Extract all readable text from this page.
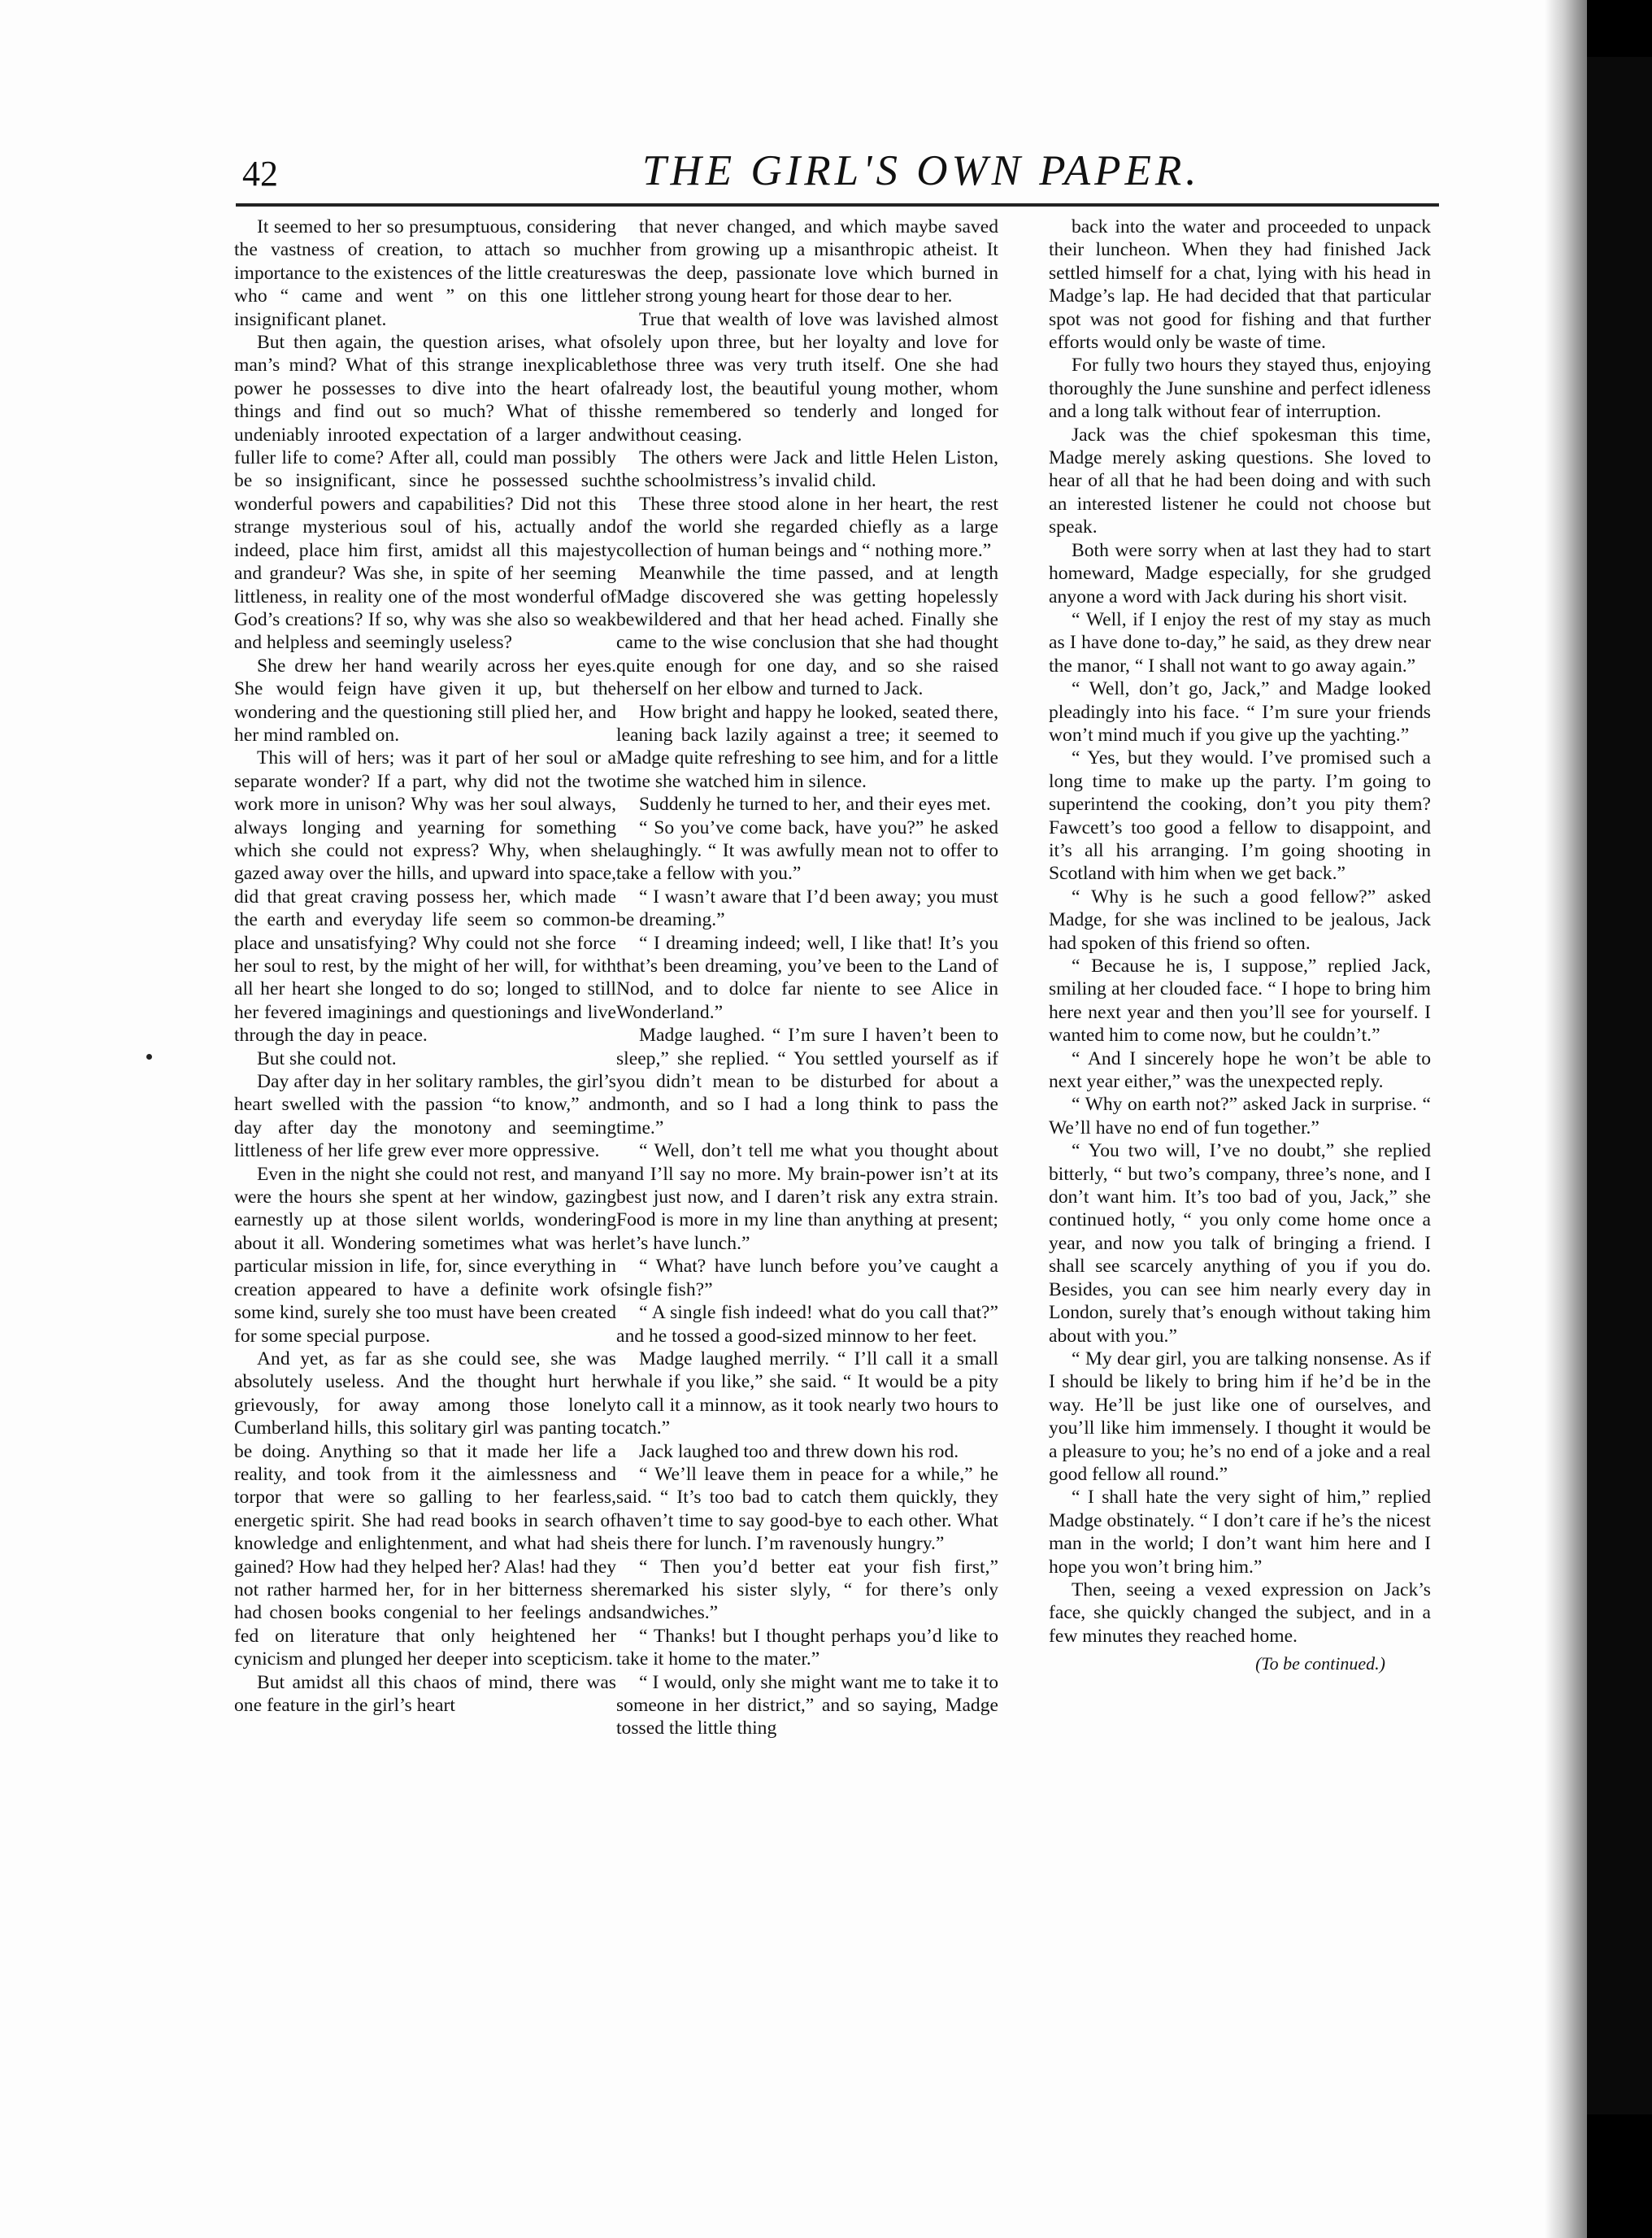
42	THE GIRL'S OWN PAPER.

It seemed to her so presumptuous, considering the vastness of creation, to attach so much importance to the existences of the little creatures who “ came and went ” on this one little insignificant planet.

But then again, the question arises, what of man’s mind? What of this strange inexplicable power he possesses to dive into the heart of things and find out so much? What of this undeniably inrooted expectation of a larger and fuller life to come? After all, could man possibly be so insignificant, since he possessed such wonderful powers and capabilities? Did not this strange mysterious soul of his, actually and indeed, place him first, amidst all this majesty and grandeur? Was she, in spite of her seeming littleness, in reality one of the most wonderful of God’s creations? If so, why was she also so weak and helpless and seemingly useless?

She drew her hand wearily across her eyes. She would feign have given it up, but the wondering and the questioning still plied her, and her mind rambled on.

This will of hers; was it part of her soul or a separate wonder? If a part, why did not the two work more in unison? Why was her soul always, always longing and yearning for something which she could not express? Why, when she gazed away over the hills, and upward into space, did that great craving possess her, which made the earth and everyday life seem so common-place and unsatisfying? Why could not she force her soul to rest, by the might of her will, for with all her heart she longed to do so; longed to still her fevered imaginings and questionings and live through the day in peace.

But she could not.

Day after day in her solitary rambles, the girl’s heart swelled with the passion “to know,” and day after day the monotony and seeming littleness of her life grew ever more oppressive.

Even in the night she could not rest, and many were the hours she spent at her window, gazing earnestly up at those silent worlds, wondering about it all. Wondering sometimes what was her particular mission in life, for, since everything in creation appeared to have a definite work of some kind, surely she too must have been created for some special purpose.

And yet, as far as she could see, she was absolutely useless. And the thought hurt her grievously, for away among those lonely Cumberland hills, this solitary girl was panting to be doing. Anything so that it made her life a reality, and took from it the aimlessness and torpor that were so galling to her fearless, energetic spirit. She had read books in search of knowledge and enlightenment, and what had she gained? How had they helped her? Alas! had they not rather harmed her, for in her bitterness she had chosen books congenial to her feelings and fed on literature that only heightened her cynicism and plunged her deeper into scepticism.

But amidst all this chaos of mind, there was one feature in the girl’s heart

that never changed, and which maybe saved her from growing up a misanthropic atheist. It was the deep, passionate love which burned in her strong young heart for those dear to her.

True that wealth of love was lavished almost solely upon three, but her loyalty and love for those three was very truth itself. One she had already lost, the beautiful young mother, whom she remembered so tenderly and longed for without ceasing.

The others were Jack and little Helen Liston, the schoolmistress’s invalid child.

These three stood alone in her heart, the rest of the world she regarded chiefly as a large collection of human beings and “ nothing more.”

Meanwhile the time passed, and at length Madge discovered she was getting hopelessly bewildered and that her head ached. Finally she came to the wise conclusion that she had thought quite enough for one day, and so she raised herself on her elbow and turned to Jack.

How bright and happy he looked, seated there, leaning back lazily against a tree; it seemed to Madge quite refreshing to see him, and for a little time she watched him in silence.

Suddenly he turned to her, and their eyes met.

“ So you’ve come back, have you?” he asked laughingly. “ It was awfully mean not to offer to take a fellow with you.”

“ I wasn’t aware that I’d been away; you must be dreaming.”

“ I dreaming indeed; well, I like that! It’s you that’s been dreaming, you’ve been to the Land of Nod, and to dolce far niente to see Alice in Wonderland.”

Madge laughed. “ I’m sure I haven’t been to sleep,” she replied. “ You settled yourself as if you didn’t mean to be disturbed for about a month, and so I had a long think to pass the time.”

“ Well, don’t tell me what you thought about and I’ll say no more. My brain-power isn’t at its best just now, and I daren’t risk any extra strain. Food is more in my line than anything at present; let’s have lunch.”

“ What? have lunch before you’ve caught a single fish?”

“ A single fish indeed! what do you call that?” and he tossed a good-sized minnow to her feet.

Madge laughed merrily. “ I’ll call it a small whale if you like,” she said. “ It would be a pity to call it a minnow, as it took nearly two hours to catch.”

Jack laughed too and threw down his rod.

“ We’ll leave them in peace for a while,” he said. “ It’s too bad to catch them quickly, they haven’t time to say good-bye to each other. What is there for lunch. I’m ravenously hungry.”

“ Then you’d better eat your fish first,” remarked his sister slyly, “ for there’s only sandwiches.”

“ Thanks! but I thought perhaps you’d like to take it home to the mater.”

“ I would, only she might want me to take it to someone in her district,” and so saying, Madge tossed the little thing

back into the water and proceeded to unpack their luncheon. When they had finished Jack settled himself for a chat, lying with his head in Madge’s lap. He had decided that that particular spot was not good for fishing and that further efforts would only be waste of time.

For fully two hours they stayed thus, enjoying thoroughly the June sunshine and perfect idleness and a long talk without fear of interruption.

Jack was the chief spokesman this time, Madge merely asking questions. She loved to hear of all that he had been doing and with such an interested listener he could not choose but speak.

Both were sorry when at last they had to start homeward, Madge especially, for she grudged anyone a word with Jack during his short visit.

“ Well, if I enjoy the rest of my stay as much as I have done to-day,” he said, as they drew near the manor, “ I shall not want to go away again.”

“ Well, don’t go, Jack,” and Madge looked pleadingly into his face. “ I’m sure your friends won’t mind much if you give up the yachting.”

“ Yes, but they would. I’ve promised such a long time to make up the party. I’m going to superintend the cooking, don’t you pity them? Fawcett’s too good a fellow to disappoint, and it’s all his arranging. I’m going shooting in Scotland with him when we get back.”

“ Why is he such a good fellow?” asked Madge, for she was inclined to be jealous, Jack had spoken of this friend so often.

“ Because he is, I suppose,” replied Jack, smiling at her clouded face. “ I hope to bring him here next year and then you’ll see for yourself. I wanted him to come now, but he couldn’t.”

“ And I sincerely hope he won’t be able to next year either,” was the unexpected reply.

“ Why on earth not?” asked Jack in surprise. “ We’ll have no end of fun together.”

“ You two will, I’ve no doubt,” she replied bitterly, “ but two’s company, three’s none, and I don’t want him. It’s too bad of you, Jack,” she continued hotly, “ you only come home once a year, and now you talk of bringing a friend. I shall see scarcely anything of you if you do. Besides, you can see him nearly every day in London, surely that’s enough without taking him about with you.”

“ My dear girl, you are talking nonsense. As if I should be likely to bring him if he’d be in the way. He’ll be just like one of ourselves, and you’ll like him immensely. I thought it would be a pleasure to you; he’s no end of a joke and a real good fellow all round.”

“ I shall hate the very sight of him,” replied Madge obstinately. “ I don’t care if he’s the nicest man in the world; I don’t want him here and I hope you won’t bring him.”

Then, seeing a vexed expression on Jack’s face, she quickly changed the subject, and in a few minutes they reached home.

(To be continued.)
